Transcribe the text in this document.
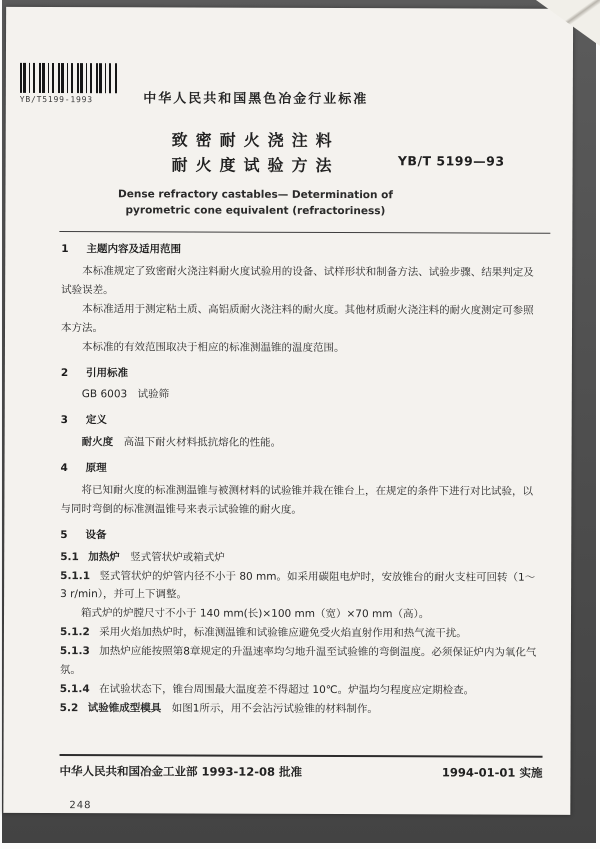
YB/T5199-1993	中华人民共和国黑色冶金行业标准
致密耐火浇注料
耐火度试验方法
Dense refractory castables— Determination of
pyrometric cone equivalent (refractoriness)
YB/T 5199—93
1 主题内容及适用范围
本标准规定了致密耐火浇注料耐火度试验用的设备、试样形状和制备方法、试验步骤、结果判定及试验误差。
本标准适用于测定粘土质、高铝质耐火浇注料的耐火度。其他材质耐火浇注料的耐火度测定可参照本方法。
本标准的有效范围取决于相应的标准测温锥的温度范围。
2 引用标准
GB 6003　试验筛
3 定义
耐火度　高温下耐火材料抵抗熔化的性能。
4 原理
将已知耐火度的标准测温锥与被测材料的试验锥并栽在锥台上，在规定的条件下进行对比试验，以与同时弯倒的标准测温锥号来表示试验锥的耐火度。
5 设备
5.1 加热炉　竖式管状炉或箱式炉
5.1.1 竖式管状炉的炉管内径不小于 80 mm。如采用碳阻电炉时，安放锥台的耐火支柱可回转（1～3 r/min），并可上下调整。
箱式炉的炉膛尺寸不小于 140 mm(长)×100 mm（宽）×70 mm（高）。
5.1.2 采用火焰加热炉时，标准测温锥和试验锥应避免受火焰直射作用和热气流干扰。
5.1.3 加热炉应能按照第8章规定的升温速率均匀地升温至试验锥的弯倒温度。必须保证炉内为氧化气氛。
5.1.4 在试验状态下，锥台周围最大温度差不得超过 10℃。炉温均匀程度应定期检查。
5.2 试验锥成型模具　如图1所示，用不会沾污试验锥的材料制作。
中华人民共和国冶金工业部 1993-12-08 批准	1994-01-01 实施
248
